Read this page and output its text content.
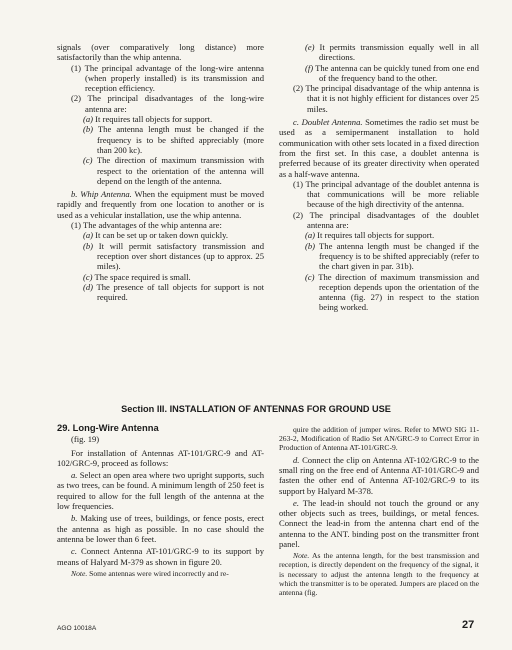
signals (over comparatively long distance) more satisfactorily than the whip antenna.

(1) The principal advantage of the long-wire antenna (when properly installed) is its transmission and reception efficiency.

(2) The principal disadvantages of the long-wire antenna are:

(a) It requires tall objects for support.

(b) The antenna length must be changed if the frequency is to be shifted appreciably (more than 200 kc).

(c) The direction of maximum transmission with respect to the orientation of the antenna will depend on the length of the antenna.

b. Whip Antenna. When the equipment must be moved rapidly and frequently from one location to another or is used as a vehicular installation, use the whip antenna.

(1) The advantages of the whip antenna are:

(a) It can be set up or taken down quickly.

(b) It will permit satisfactory transmission and reception over short distances (up to approx. 25 miles).

(c) The space required is small.

(d) The presence of tall objects for support is not required.

(e) It permits transmission equally well in all directions.

(f) The antenna can be quickly tuned from one end of the frequency band to the other.

(2) The principal disadvantage of the whip antenna is that it is not highly efficient for distances over 25 miles.

c. Doublet Antenna. Sometimes the radio set must be used as a semipermanent installation to hold communication with other sets located in a fixed direction from the first set. In this case, a doublet antenna is preferred because of its greater directivity when operated as a half-wave antenna.

(1) The principal advantage of the doublet antenna is that communications will be more reliable because of the high directivity of the antenna.

(2) The principal disadvantages of the doublet antenna are:

(a) It requires tall objects for support.

(b) The antenna length must be changed if the frequency is to be shifted appreciably (refer to the chart given in par. 31b).

(c) The direction of maximum transmission and reception depends upon the orientation of the antenna (fig. 27) in respect to the station being worked.

Section III. INSTALLATION OF ANTENNAS FOR GROUND USE
29. Long-Wire Antenna
(fig. 19)

For installation of Antennas AT-101/GRC-9 and AT-102/GRC-9, proceed as follows:

a. Select an open area where two upright supports, such as two trees, can be found. A minimum length of 250 feet is required to allow for the full length of the antenna at the low frequencies.

b. Making use of trees, buildings, or fence posts, erect the antenna as high as possible. In no case should the antenna be lower than 6 feet.

c. Connect Antenna AT-101/GRC-9 to its support by means of Halyard M-379 as shown in figure 20.

Note. Some antennas were wired incorrectly and re-

quire the addition of jumper wires. Refer to MWO SIG 11-263-2, Modification of Radio Set AN/GRC-9 to Correct Error in Production of Antenna AT-101/GRC-9.

d. Connect the clip on Antenna AT-102/GRC-9 to the small ring on the free end of Antenna AT-101/GRC-9 and fasten the other end of Antenna AT-102/GRC-9 to its support by Halyard M-378.

e. The lead-in should not touch the ground or any other objects such as trees, buildings, or metal fences. Connect the lead-in from the antenna chart end of the antenna to the ANT. binding post on the transmitter front panel.

Note. As the antenna length, for the best transmission and reception, is directly dependent on the frequency of the signal, it is necessary to adjust the antenna length to the frequency at which the transmitter is to be operated. Jumpers are placed on the antenna (fig.

AGO 10018A	27
